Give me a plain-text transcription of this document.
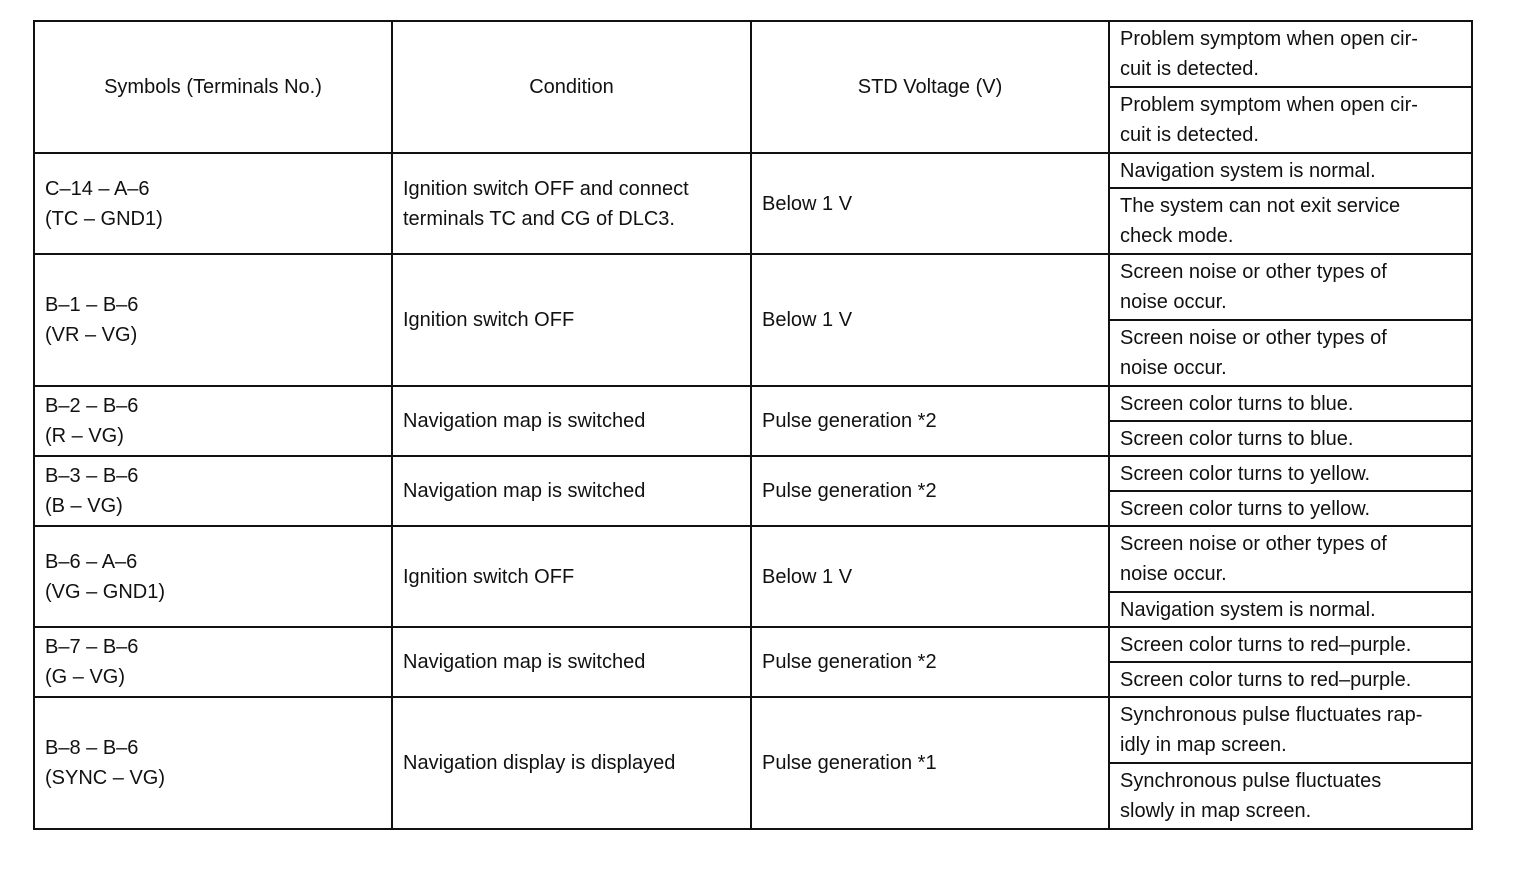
Symbols (Terminals No.)	Condition	STD Voltage (V)	Problem symptom when open cir-
cuit is detected.

			Problem symptom when open cir-
cuit is detected.

C–14 – A–6
(TC – GND1)	Ignition switch OFF and connect
terminals TC and CG of DLC3.	Below 1 V	Navigation system is normal.

			The system can not exit service
check mode.

B–1 – B–6
(VR – VG)	Ignition switch OFF	Below 1 V	Screen noise or other types of
noise occur.

			Screen noise or other types of
noise occur.

B–2 – B–6
(R – VG)	Navigation map is switched	Pulse generation *2	Screen color turns to blue.

			Screen color turns to blue.

B–3 – B–6
(B – VG)	Navigation map is switched	Pulse generation *2	Screen color turns to yellow.

			Screen color turns to yellow.

B–6 – A–6
(VG – GND1)	Ignition switch OFF	Below 1 V	Screen noise or other types of
noise occur.

			Navigation system is normal.

B–7 – B–6
(G – VG)	Navigation map is switched	Pulse generation *2	Screen color turns to red–purple.

			Screen color turns to red–purple.

B–8 – B–6
(SYNC – VG)	Navigation display is displayed	Pulse generation *1	Synchronous pulse fluctuates rap-
idly in map screen.

			Synchronous pulse fluctuates
slowly in map screen.
